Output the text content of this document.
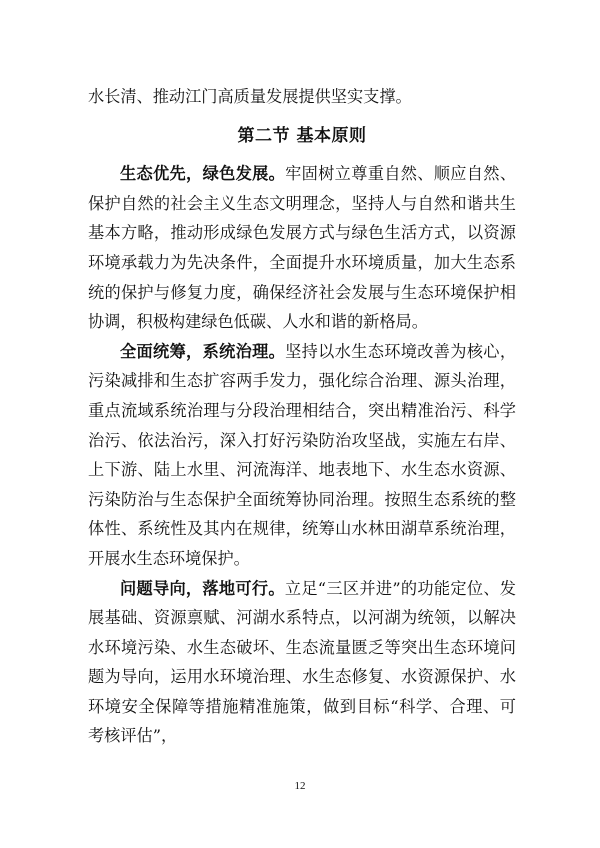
水长清、推动江门高质量发展提供坚实支撑。

第二节 基本原则

生态优先，绿色发展。牢固树立尊重自然、顺应自然、保护自然的社会主义生态文明理念，坚持人与自然和谐共生基本方略，推动形成绿色发展方式与绿色生活方式，以资源环境承载力为先决条件，全面提升水环境质量，加大生态系统的保护与修复力度，确保经济社会发展与生态环境保护相协调，积极构建绿色低碳、人水和谐的新格局。

全面统筹，系统治理。坚持以水生态环境改善为核心，污染减排和生态扩容两手发力，强化综合治理、源头治理，重点流域系统治理与分段治理相结合，突出精准治污、科学治污、依法治污，深入打好污染防治攻坚战，实施左右岸、上下游、陆上水里、河流海洋、地表地下、水生态水资源、污染防治与生态保护全面统筹协同治理。按照生态系统的整体性、系统性及其内在规律，统筹山水林田湖草系统治理，开展水生态环境保护。

问题导向，落地可行。立足“三区并进”的功能定位、发展基础、资源禀赋、河湖水系特点，以河湖为统领，以解决水环境污染、水生态破坏、生态流量匮乏等突出生态环境问题为导向，运用水环境治理、水生态修复、水资源保护、水环境安全保障等措施精准施策，做到目标“科学、合理、可考核评估”，

12
